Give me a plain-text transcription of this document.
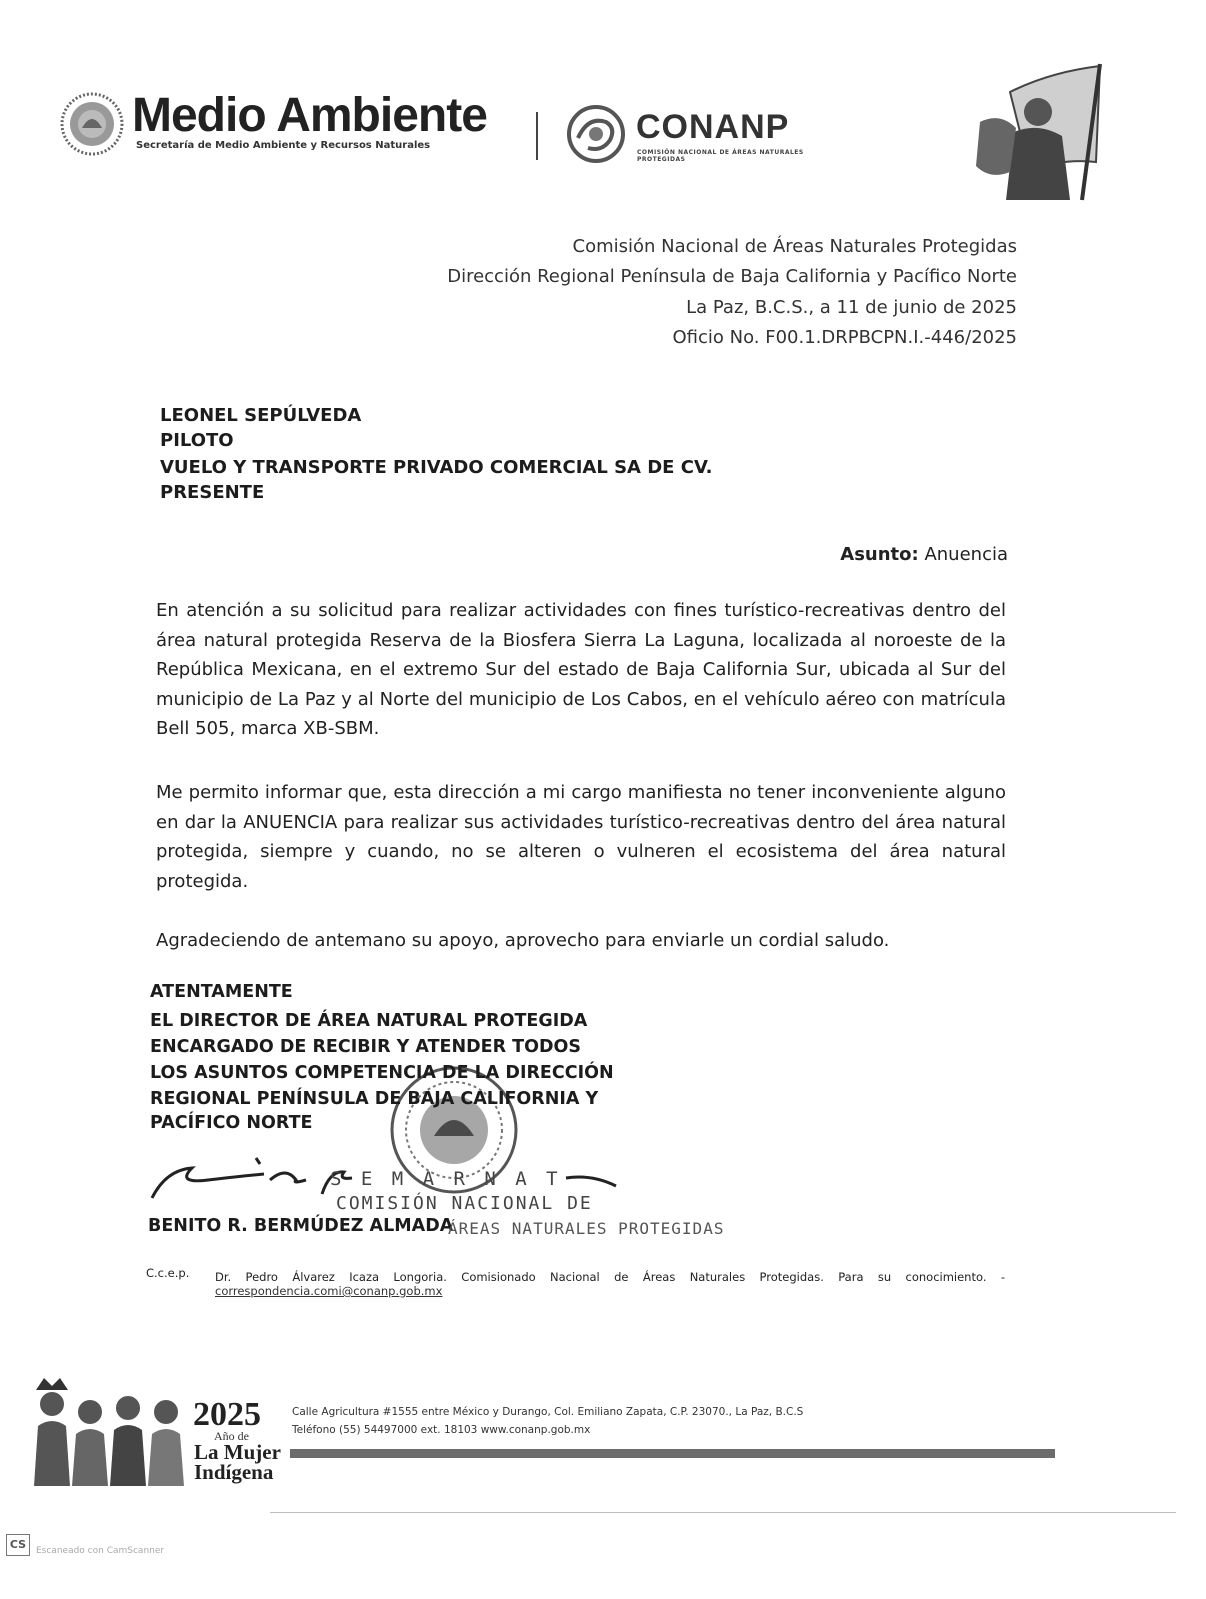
Medio Ambiente
Secretaría de Medio Ambiente y Recursos Naturales	CONANP
COMISIÓN NACIONAL DE ÁREAS NATURALES PROTEGIDAS
Comisión Nacional de Áreas Naturales Protegidas
Dirección Regional Península de Baja California y Pacífico Norte
La Paz, B.C.S., a 11 de junio de 2025
Oficio No. F00.1.DRPBCPN.I.-446/2025
LEONEL SEPÚLVEDA
PILOTO
VUELO Y TRANSPORTE PRIVADO COMERCIAL SA DE CV.
PRESENTE
Asunto: Anuencia

En atención a su solicitud para realizar actividades con fines turístico-recreativas dentro del área natural protegida Reserva de la Biosfera Sierra La Laguna, localizada al noroeste de la República Mexicana, en el extremo Sur del estado de Baja California Sur, ubicada al Sur del municipio de La Paz y al Norte del municipio de Los Cabos, en el vehículo aéreo con matrícula Bell 505, marca XB-SBM.

Me permito informar que, esta dirección a mi cargo manifiesta no tener inconveniente alguno en dar la ANUENCIA para realizar sus actividades turístico-recreativas dentro del área natural protegida, siempre y cuando, no se alteren o vulneren el ecosistema del área natural protegida.

Agradeciendo de antemano su apoyo, aprovecho para enviarle un cordial saludo.

ATENTAMENTE
EL DIRECTOR DE ÁREA NATURAL PROTEGIDA
ENCARGADO DE RECIBIR Y ATENDER TODOS
LOS ASUNTOS COMPETENCIA DE LA DIRECCIÓN
REGIONAL PENÍNSULA DE BAJA CALIFORNIA Y
PACÍFICO NORTE
S E M A R N A T
COMISIÓN NACIONAL DE
BENITO R. BERMÚDEZ ALMADA
ÁREAS NATURALES PROTEGIDAS
C.c.e.p. Dr. Pedro Álvarez Icaza Longoria. Comisionado Nacional de Áreas Naturales Protegidas. Para su conocimiento. -
correspondencia.comi@conanp.gob.mx
2025
Año de
La Mujer
Indígena
Calle Agricultura #1555 entre México y Durango, Col. Emiliano Zapata, C.P. 23070., La Paz, B.C.S
Teléfono (55) 54497000 ext. 18103 www.conanp.gob.mx
CS	Escaneado con CamScanner
